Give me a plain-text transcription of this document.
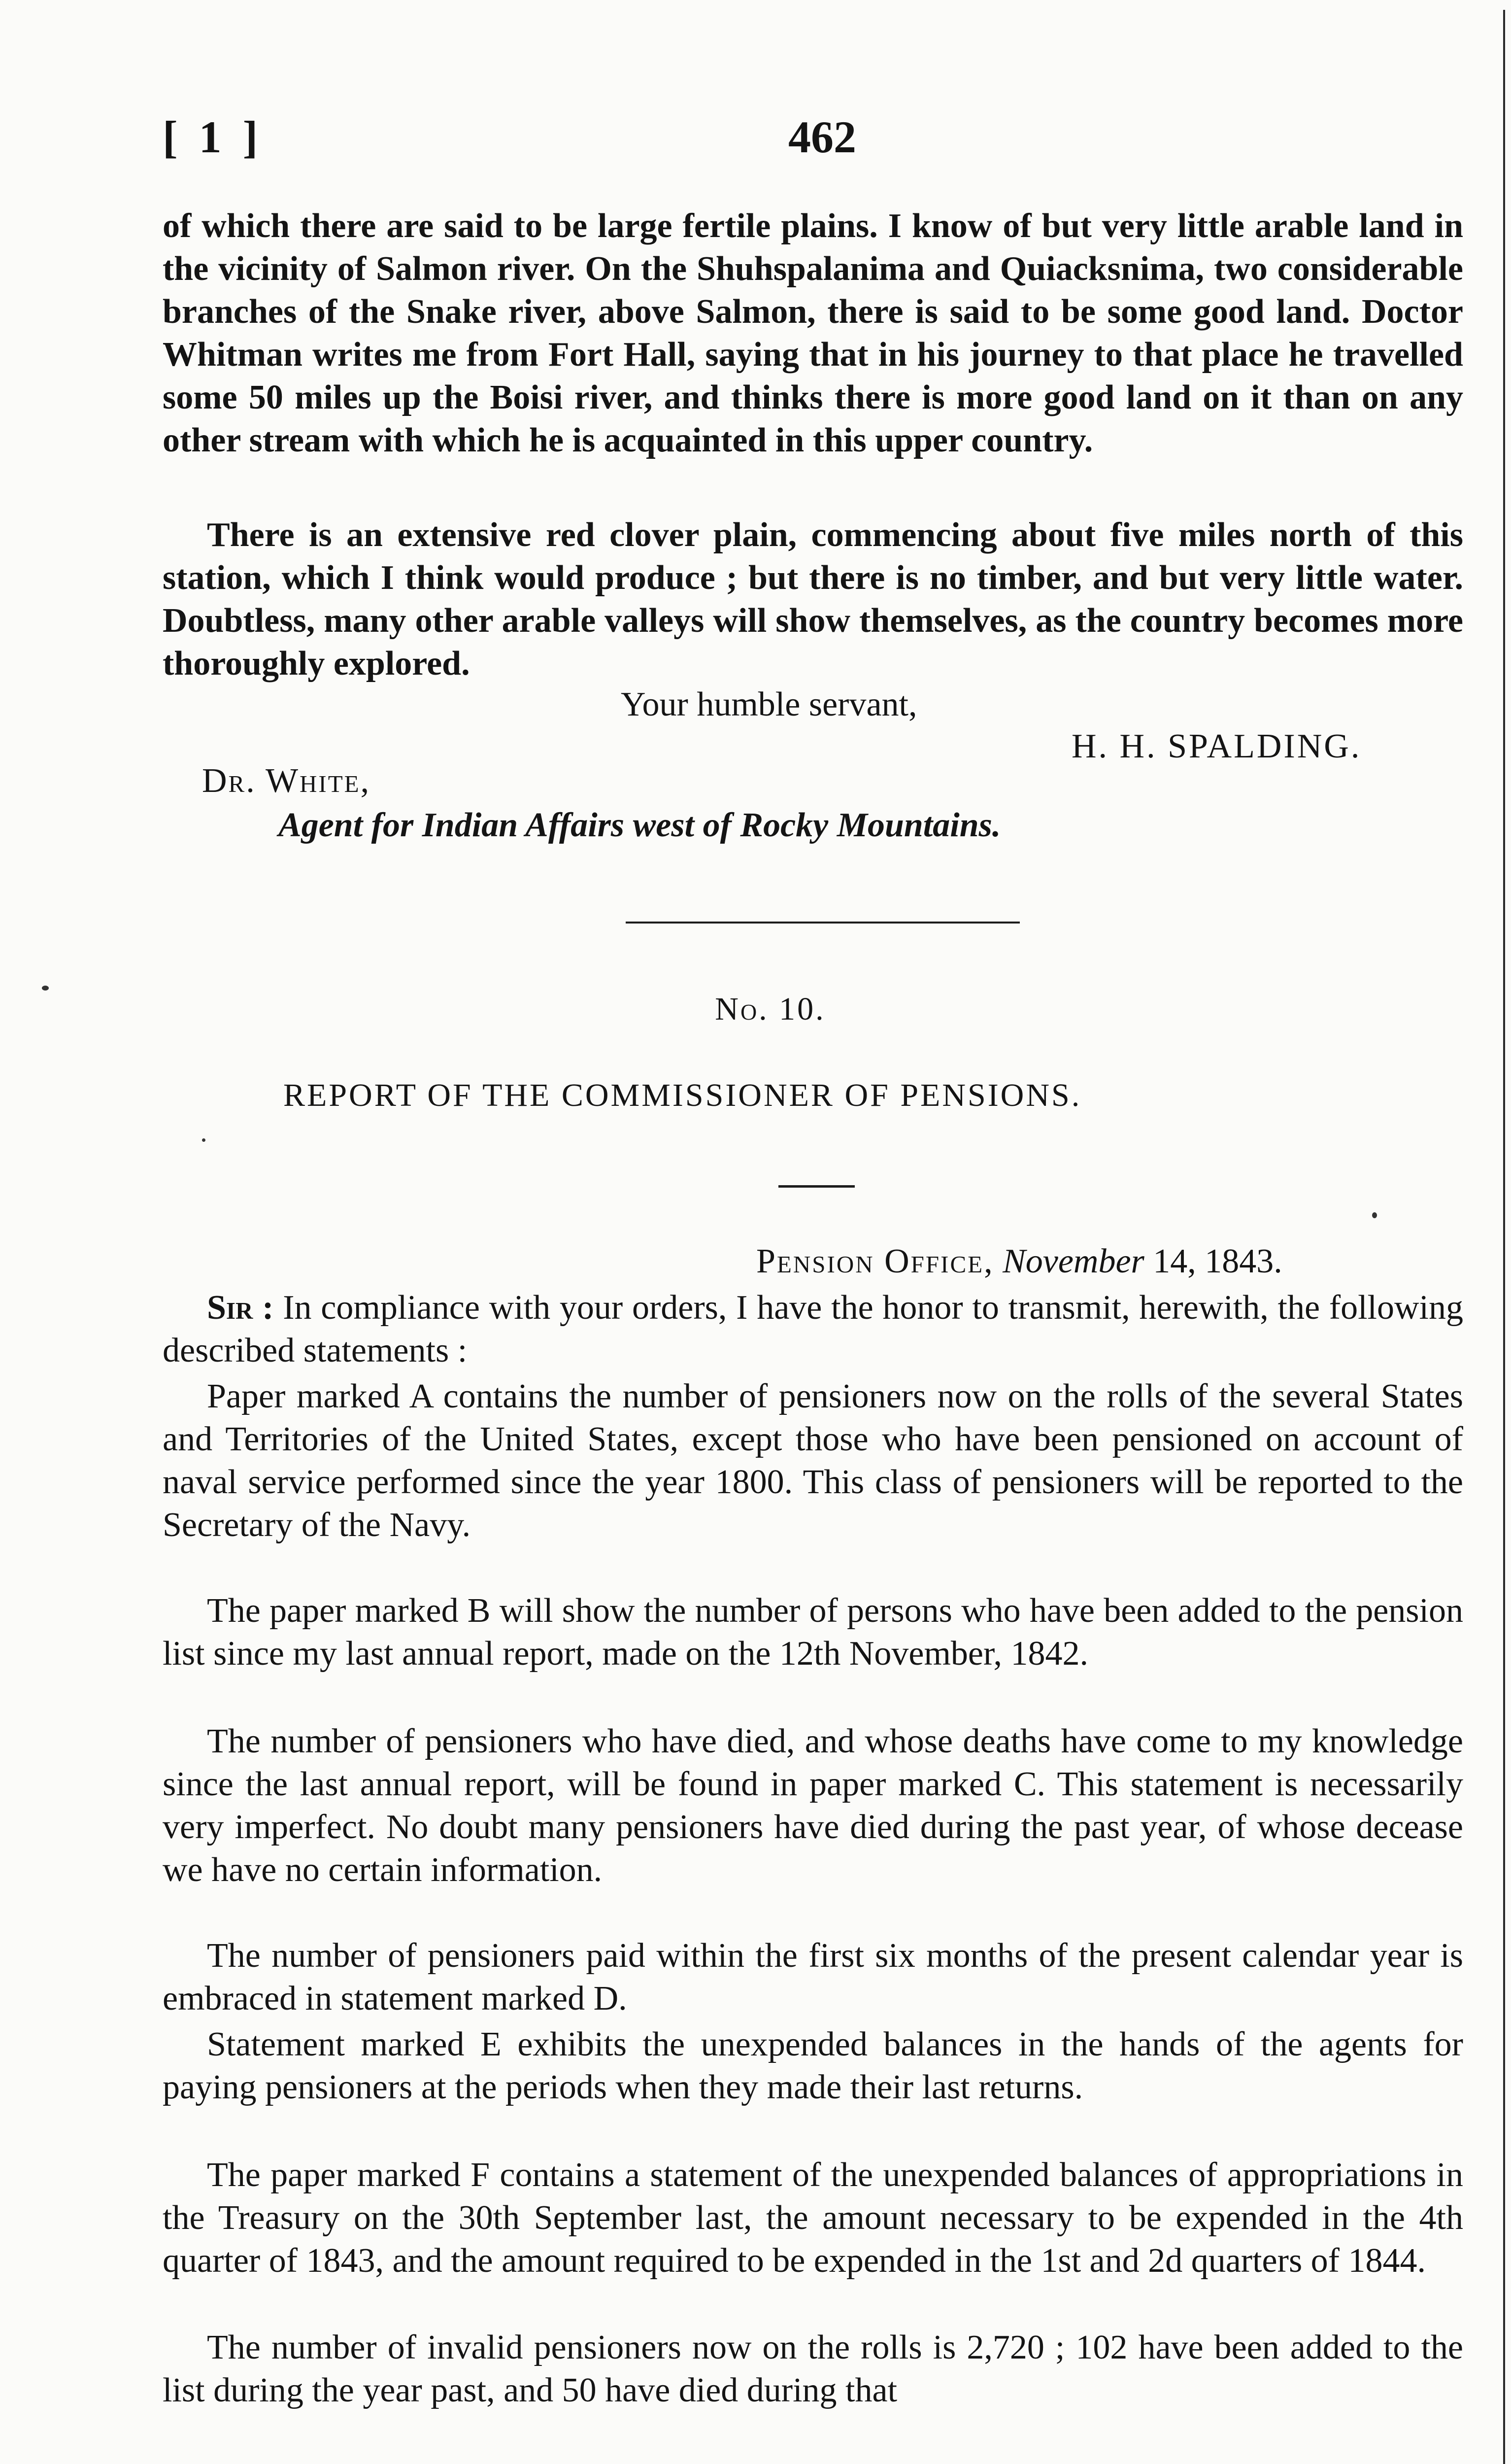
[ 1 ]	462

of which there are said to be large fertile plains. I know of but very little arable land in the vicinity of Salmon river. On the Shuhspalanima and Quiacksnima, two considerable branches of the Snake river, above Salmon, there is said to be some good land. Doctor Whitman writes me from Fort Hall, saying that in his journey to that place he travelled some 50 miles up the Boisi river, and thinks there is more good land on it than on any other stream with which he is acquainted in this upper country.

There is an extensive red clover plain, commencing about five miles north of this station, which I think would produce ; but there is no timber, and but very little water. Doubtless, many other arable valleys will show themselves, as the country becomes more thoroughly explored.

Your humble servant,
H. H. SPALDING.
Dr. White,
Agent for Indian Affairs west of Rocky Mountains.
No. 10.
REPORT OF THE COMMISSIONER OF PENSIONS.
Pension Office, November 14, 1843.

Sir : In compliance with your orders, I have the honor to transmit, herewith, the following described statements :

Paper marked A contains the number of pensioners now on the rolls of the several States and Territories of the United States, except those who have been pensioned on account of naval service performed since the year 1800. This class of pensioners will be reported to the Secretary of the Navy.

The paper marked B will show the number of persons who have been added to the pension list since my last annual report, made on the 12th November, 1842.

The number of pensioners who have died, and whose deaths have come to my knowledge since the last annual report, will be found in paper marked C. This statement is necessarily very imperfect. No doubt many pensioners have died during the past year, of whose decease we have no certain information.

The number of pensioners paid within the first six months of the present calendar year is embraced in statement marked D.

Statement marked E exhibits the unexpended balances in the hands of the agents for paying pensioners at the periods when they made their last returns.

The paper marked F contains a statement of the unexpended balances of appropriations in the Treasury on the 30th September last, the amount necessary to be expended in the 4th quarter of 1843, and the amount required to be expended in the 1st and 2d quarters of 1844.

The number of invalid pensioners now on the rolls is 2,720 ; 102 have been added to the list during the year past, and 50 have died during that
